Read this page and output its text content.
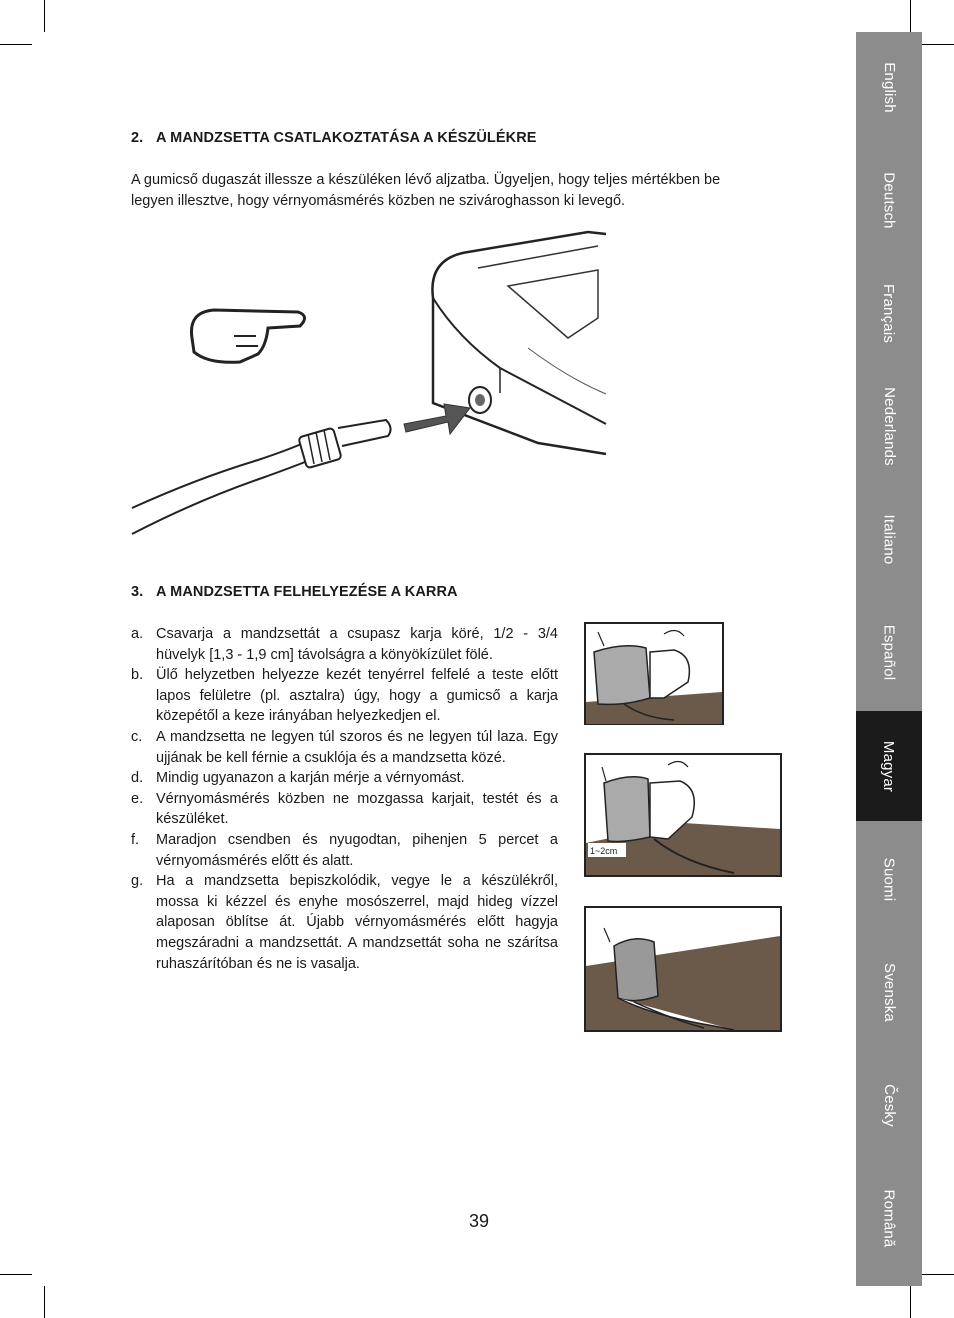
2. A MANDZSETTA CSATLAKOZTATÁSA A KÉSZÜLÉKRE

A gumicső dugaszát illessze a készüléken lévő aljzatba. Ügyeljen, hogy teljes mértékben be
legyen illesztve, hogy vérnyomásmérés közben ne szivároghasson ki levegő.

3. A MANDZSETTA FELHELYEZÉSE A KARRA
a. Csavarja a mandzsettát a csupasz karja köré, 1/2 - 3/4 hüvelyk [1,3 - 1,9 cm] távolságra a könyökízület fölé.
b. Ülő helyzetben helyezze kezét tenyérrel felfelé a teste előtt lapos felületre (pl. asztalra) úgy, hogy a gumicső a karja közepétől a keze irányában helyezkedjen el.
c. A mandzsetta ne legyen túl szoros és ne legyen túl laza. Egy ujjának be kell férnie a csuklója és a mandzsetta közé.
d. Mindig ugyanazon a karján mérje a vérnyomást.
e. Vérnyomásmérés közben ne mozgassa karjait, testét és a készüléket.
f. Maradjon csendben és nyugodtan, pihenjen 5 percet a vérnyomásmérés előtt és alatt.
g. Ha a mandzsetta bepiszkolódik, vegye le a készülékről, mossa ki kézzel és enyhe mosószerrel, majd hideg vízzel alaposan öblítse át. Újabb vérnyomásmérés előtt hagyja megszáradni a mandzsettát. A mandzsettát soha ne szárítsa ruhaszárítóban és ne is vasalja.
1~2cm
39
English
Deutsch
Français
Nederlands
Italiano
Español
Magyar
Suomi
Svenska
Česky
Română
